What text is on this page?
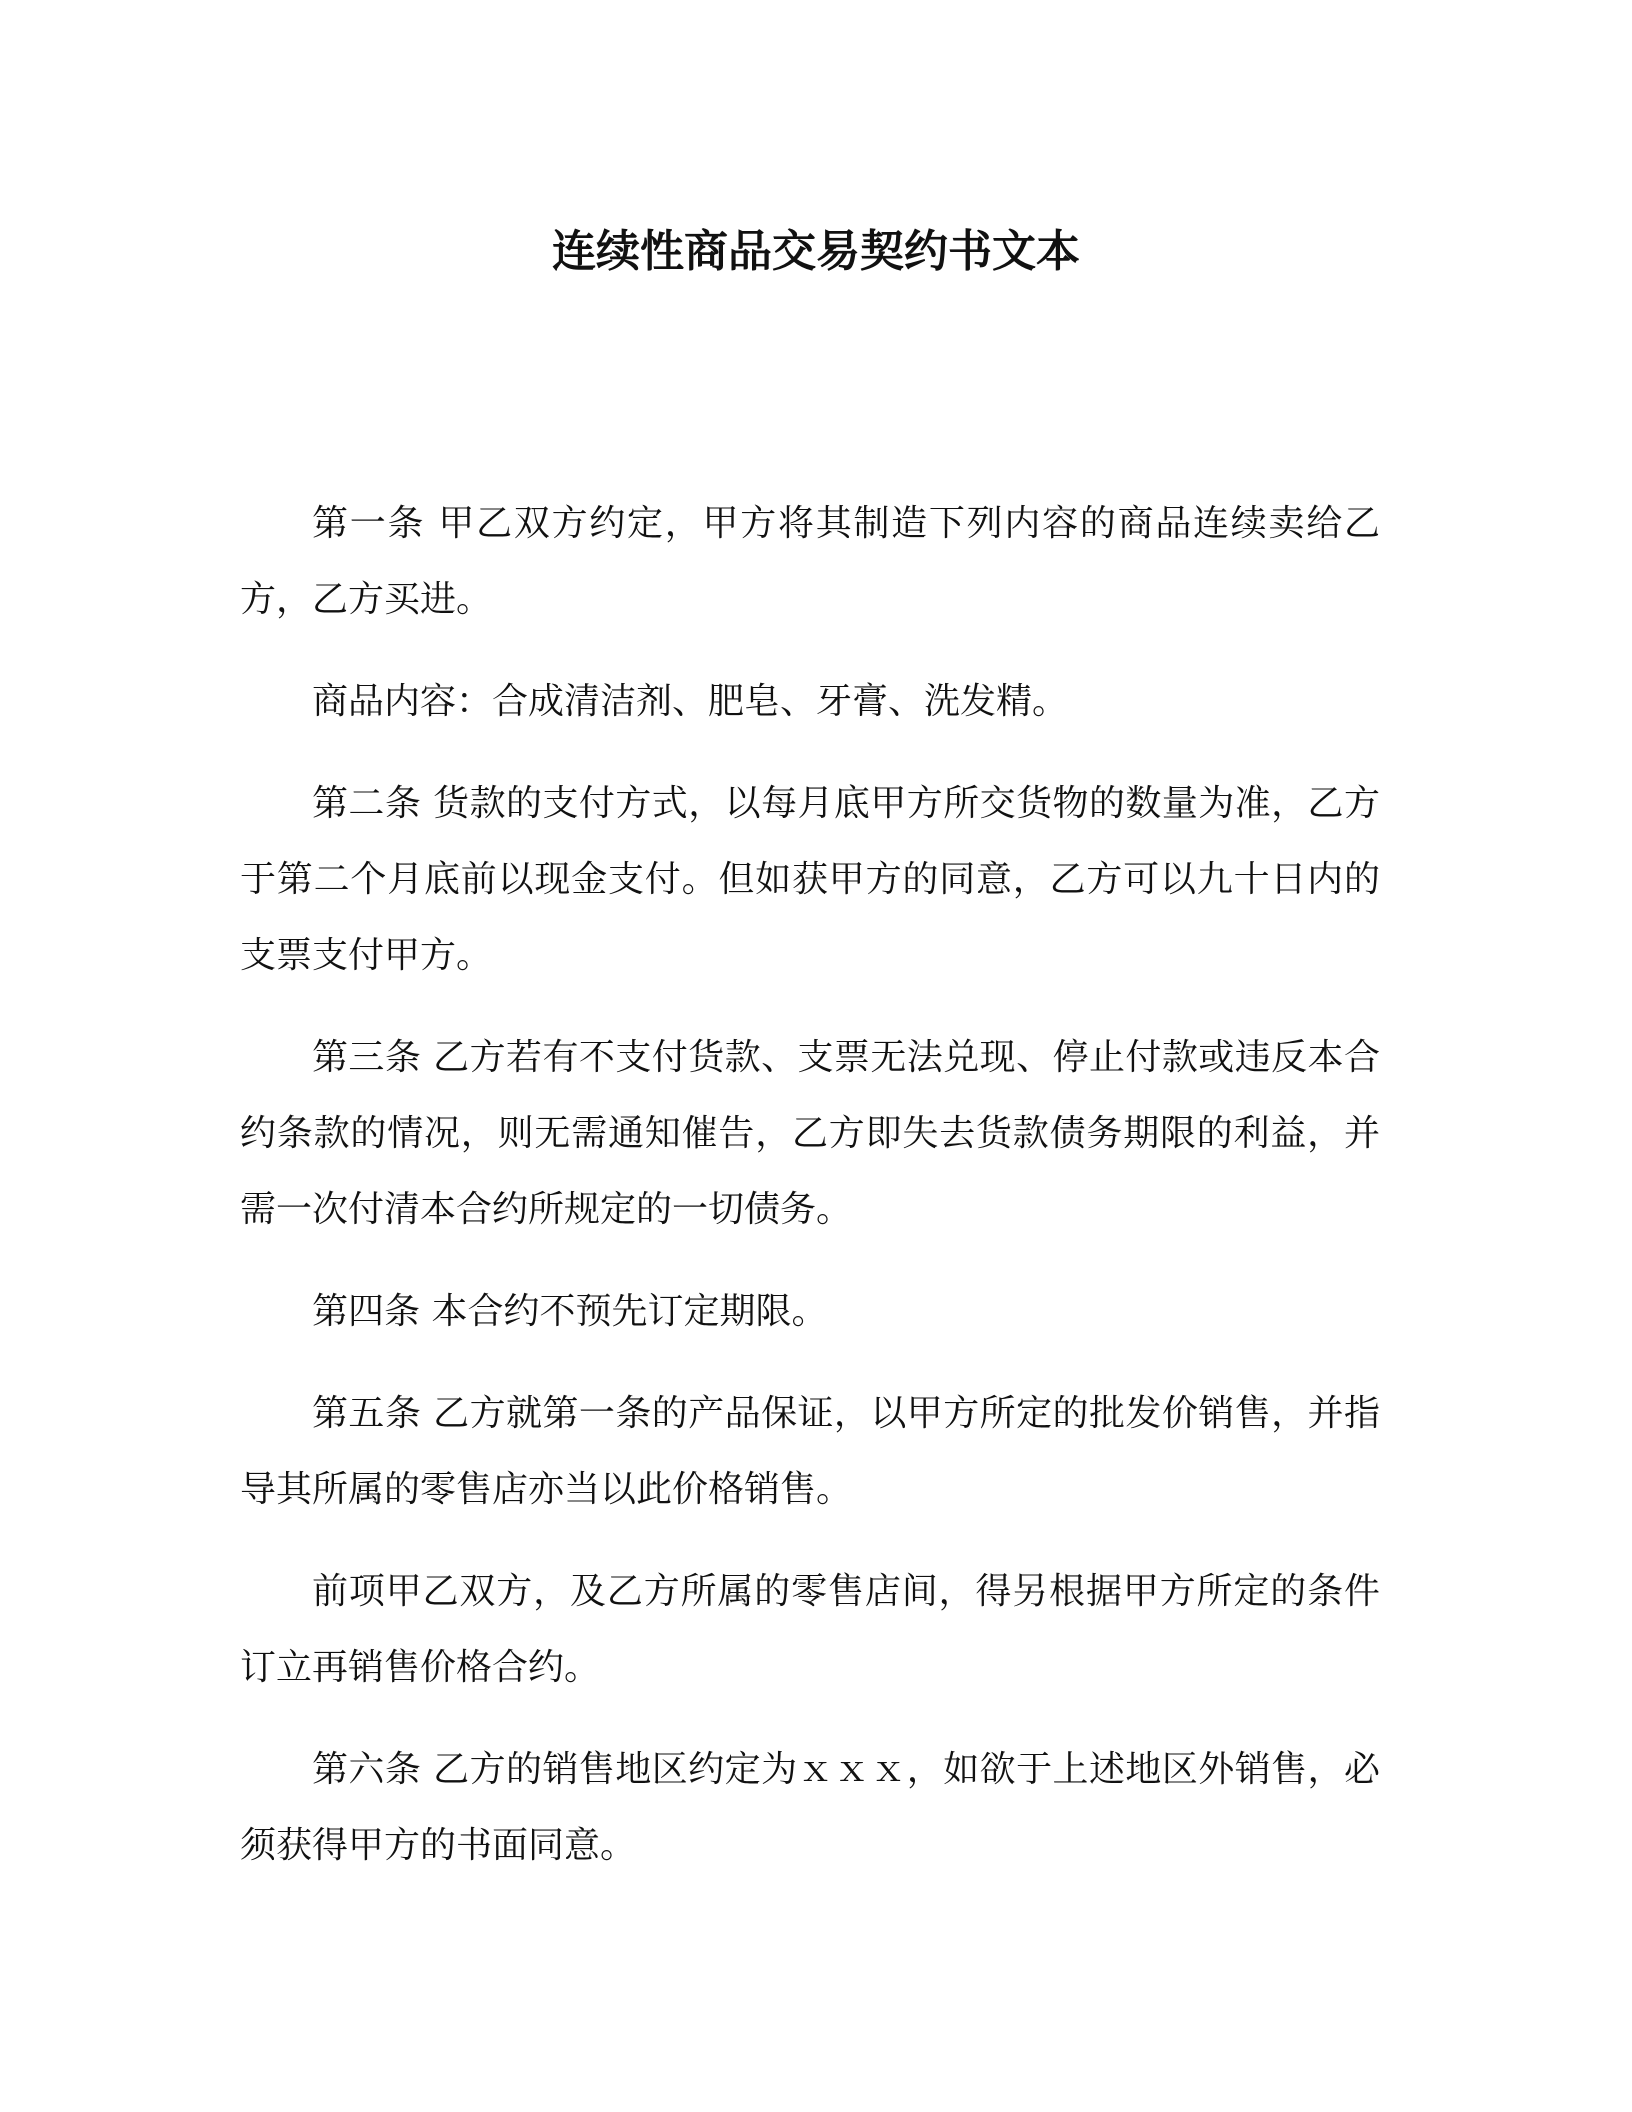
连续性商品交易契约书文本

第一条 甲乙双方约定，甲方将其制造下列内容的商品连续卖给乙方，乙方买进。

商品内容：合成清洁剂、肥皂、牙膏、洗发精。

第二条 货款的支付方式，以每月底甲方所交货物的数量为准，乙方于第二个月底前以现金支付。但如获甲方的同意，乙方可以九十日内的支票支付甲方。

第三条 乙方若有不支付货款、支票无法兑现、停止付款或违反本合约条款的情况，则无需通知催告，乙方即失去货款债务期限的利益，并需一次付清本合约所规定的一切债务。

第四条 本合约不预先订定期限。

第五条 乙方就第一条的产品保证，以甲方所定的批发价销售，并指导其所属的零售店亦当以此价格销售。

前项甲乙双方，及乙方所属的零售店间，得另根据甲方所定的条件订立再销售价格合约。

第六条 乙方的销售地区约定为ｘｘｘ，如欲于上述地区外销售，必须获得甲方的书面同意。
